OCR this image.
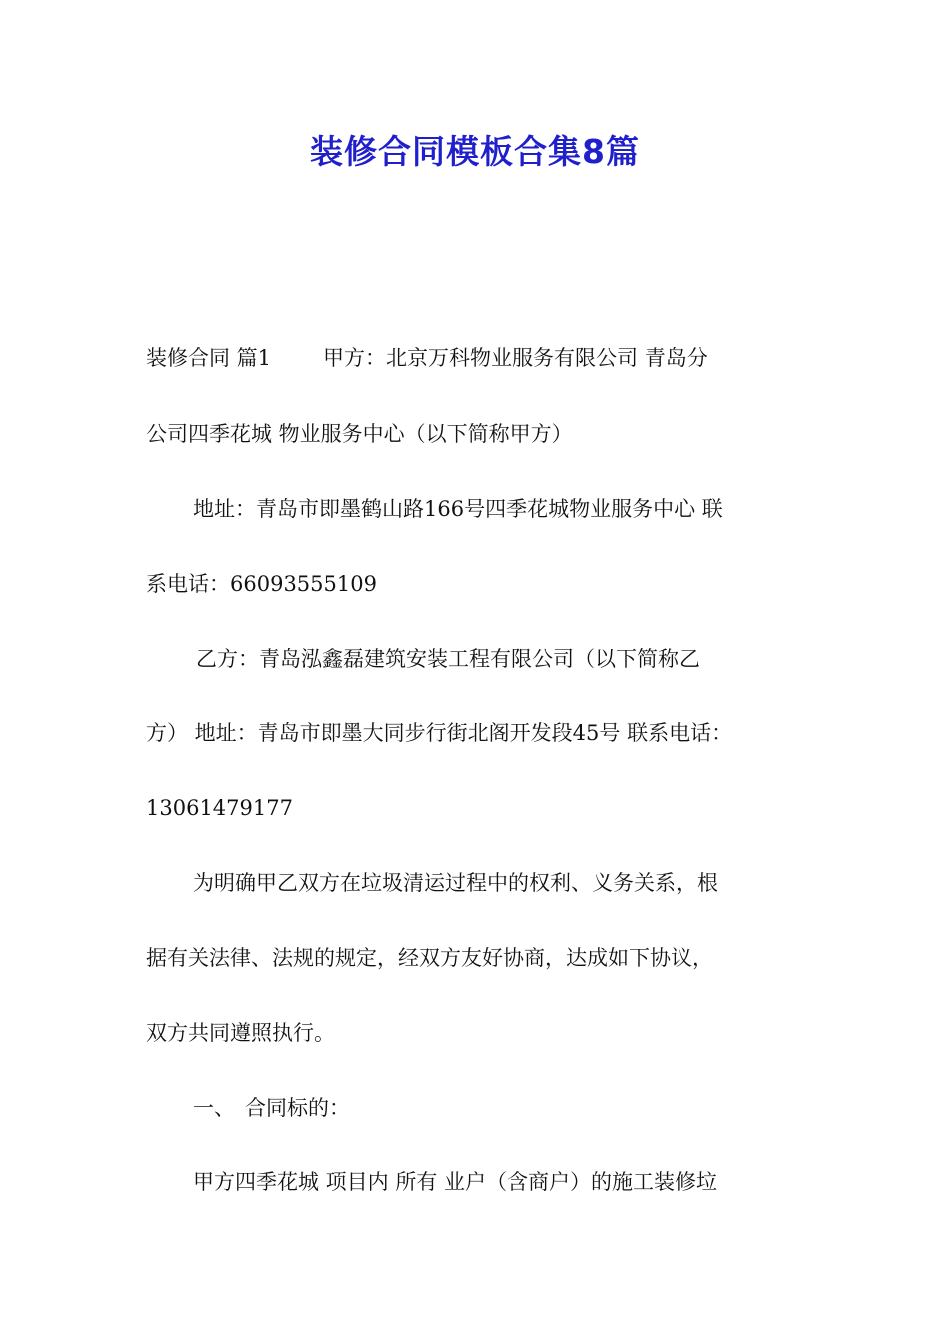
装修合同模板合集8篇

装修合同 篇1 甲方：北京万科物业服务有限公司 青岛分

公司四季花城 物业服务中心（以下简称甲方）

地址：青岛市即墨鹤山路166号四季花城物业服务中心 联

系电话：66093555109

乙方：青岛泓鑫磊建筑安装工程有限公司（以下简称乙

方） 地址：青岛市即墨大同步行街北阁开发段45号 联系电话：

13061479177

为明确甲乙双方在垃圾清运过程中的权利、义务关系，根

据有关法律、法规的规定，经双方友好协商，达成如下协议，

双方共同遵照执行。

一、 合同标的：

甲方四季花城 项目内 所有 业户（含商户）的施工装修垃
